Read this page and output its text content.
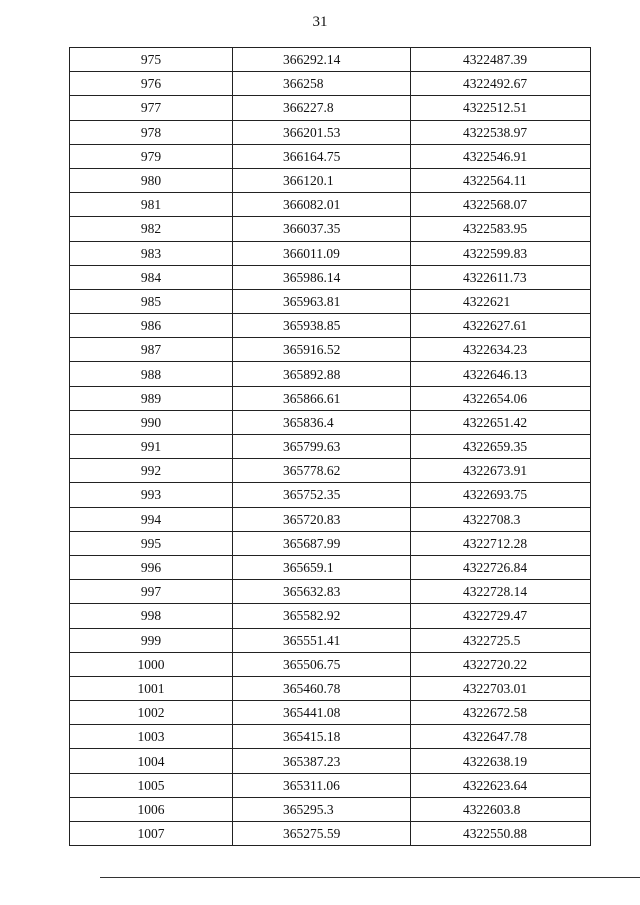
31
975	366292.14	4322487.39
976	366258	4322492.67
977	366227.8	4322512.51
978	366201.53	4322538.97
979	366164.75	4322546.91
980	366120.1	4322564.11
981	366082.01	4322568.07
982	366037.35	4322583.95
983	366011.09	4322599.83
984	365986.14	4322611.73
985	365963.81	4322621
986	365938.85	4322627.61
987	365916.52	4322634.23
988	365892.88	4322646.13
989	365866.61	4322654.06
990	365836.4	4322651.42
991	365799.63	4322659.35
992	365778.62	4322673.91
993	365752.35	4322693.75
994	365720.83	4322708.3
995	365687.99	4322712.28
996	365659.1	4322726.84
997	365632.83	4322728.14
998	365582.92	4322729.47
999	365551.41	4322725.5
1000	365506.75	4322720.22
1001	365460.78	4322703.01
1002	365441.08	4322672.58
1003	365415.18	4322647.78
1004	365387.23	4322638.19
1005	365311.06	4322623.64
1006	365295.3	4322603.8
1007	365275.59	4322550.88
